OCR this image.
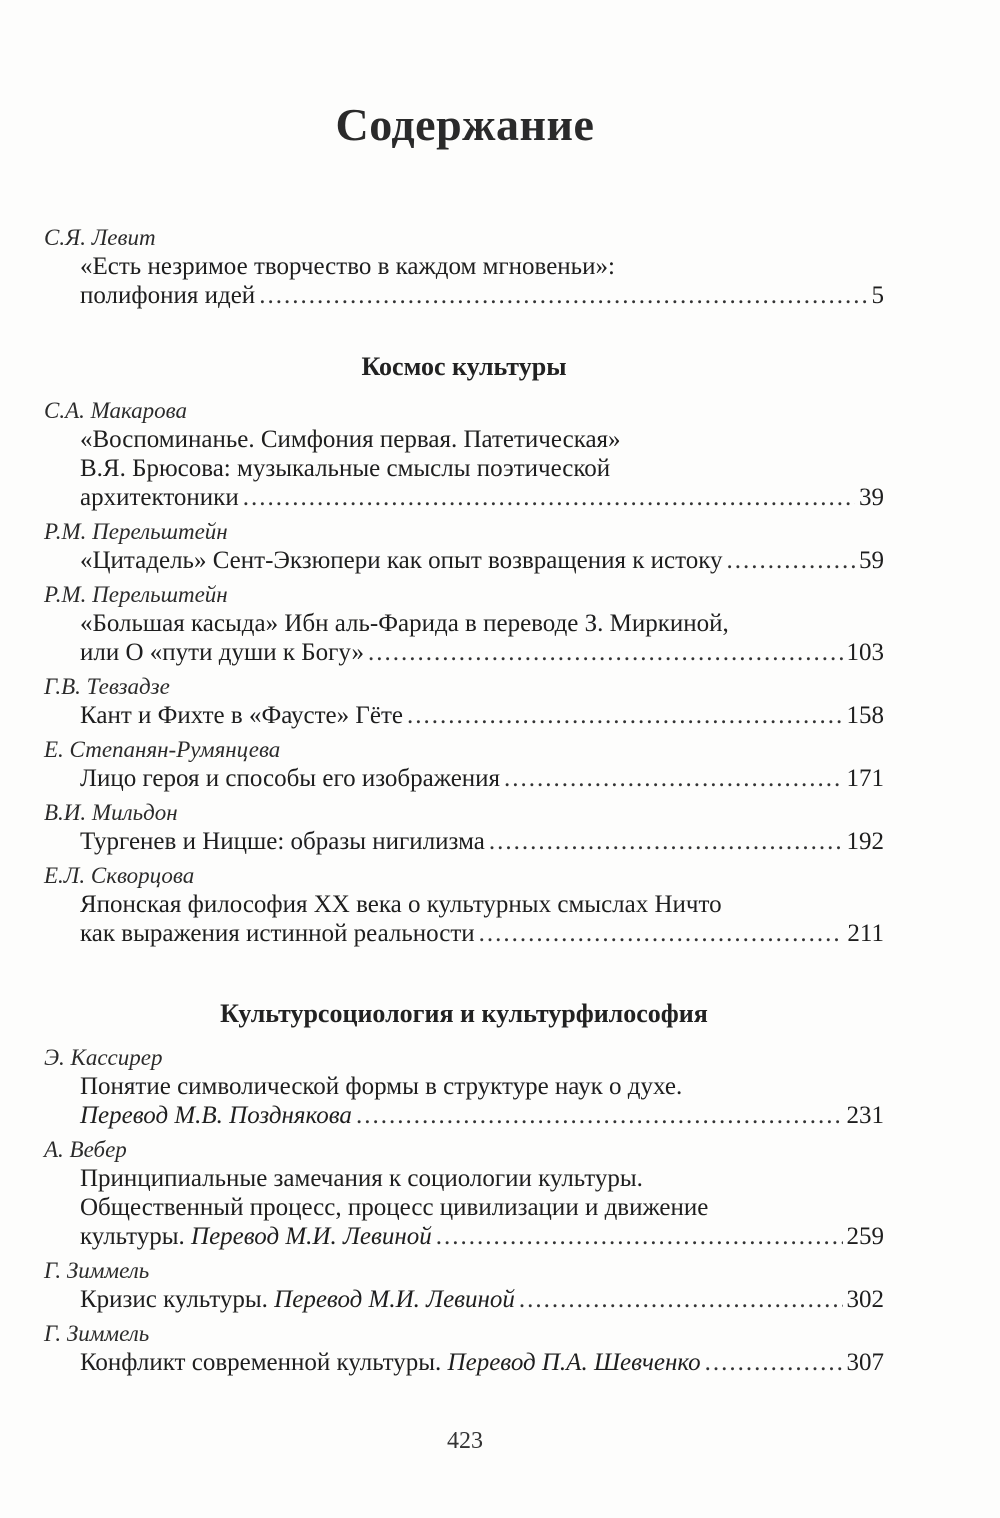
Содержание
С.Я. Левит
«Есть незримое творчество в каждом мгновеньи»:
полифония идей .....	5
Космос культуры
С.А. Макарова
«Воспоминанье. Симфония первая. Патетическая»
В.Я. Брюсова: музыкальные смыслы поэтической
архитектоники .....	39
Р.М. Перельштейн
«Цитадель» Сент-Экзюпери как опыт возвращения к истоку .....	59
Р.М. Перельштейн
«Большая касыда» Ибн аль-Фарида в переводе З. Миркиной,
или О «пути души к Богу» .....	103
Г.В. Тевзадзе
Кант и Фихте в «Фаусте» Гёте .....	158
Е. Степанян-Румянцева
Лицо героя и способы его изображения .....	171
В.И. Мильдон
Тургенев и Ницше: образы нигилизма .....	192
Е.Л. Скворцова
Японская философия XX века о культурных смыслах Ничто
как выражения истинной реальности .....	211
Культурсоциология и культурфилософия
Э. Кассирер
Понятие символической формы в структуре наук о духе.
Перевод М.В. Позднякова .....	231
А. Вебер
Принципиальные замечания к социологии культуры.
Общественный процесс, процесс цивилизации и движение
культуры. Перевод М.И. Левиной .....	259
Г. Зиммель
Кризис культуры. Перевод М.И. Левиной .....	302
Г. Зиммель
Конфликт современной культуры. Перевод П.А. Шевченко .....	307
423
